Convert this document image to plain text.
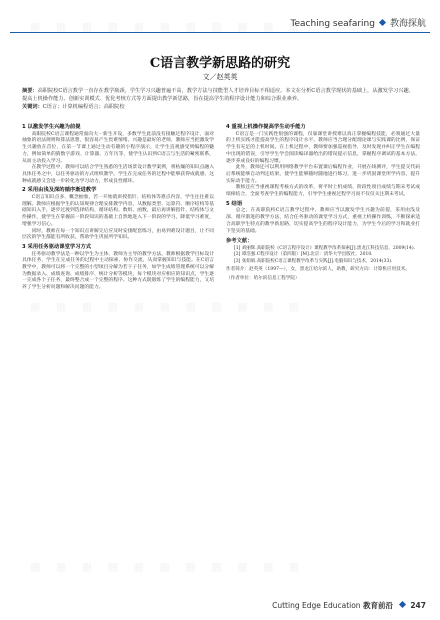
▦ ▦ ▦ ▦ ▦ ▦ ▦ ▦ ▦ ▦ ▦
▦ ▦ ▦ ▦ ▦ ▦ ▦ ▦ ▦ ▦ ▦
▦ ▦ ▦ ▦ ▦ ▦ ▦ ▦ ▦ ▦ ▦
Teaching seafaring 教海探航
C语言教学新思路的研究
文／赵英英
摘要：高职院校C语言教学一直存在教学瓶颈，学生学习兴趣普遍不高，教学方法与技能型人才培养目标不相适应。本文在分析C语言教学现状的基础上，从激发学习兴趣、提高上机操作能力、创新实训模式、优化考核方式等方面提出教学新思路，旨在提高学生的程序设计能力和综合职业素养。
关键词：C语言；计算机编程语言；高职院校
1 以激发学生兴趣为前提

高职院校C语言课程通常面向大一新生开设，多数学生此前没有接触过程序设计，面对抽象的语法规则和算法思想，很容易产生畏难情绪。兴趣是最好的老师，教师应当把激发学生兴趣放在首位，在第一节课上通过生动有趣的小程序演示，让学生直观感受到编程的魅力，例如简单的猜数字游戏、计算器、万年历等，使学生认识到C语言与生活的紧密联系，从而主动投入学习。

在教学过程中，教师可以结合学生熟悉的生活场景设计教学案例，将枯燥的知识点融入具体任务之中，以任务驱动的方式组织教学。学生在完成任务的过程中能够获得成就感，这种成就感又会进一步转化为学习动力，形成良性循环。

2 采用由浅及深的循序渐进教学

C语言知识点多、概念抽象，若一开始就讲授指针、结构体等难点内容，学生往往难以理解。教师应根据学生的认知规律合理安排教学内容，从数据类型、运算符、顺序结构等基础知识入手，逐步过渡到选择结构、循环结构、数组、函数，最后再讲解指针、结构体与文件操作，使学生在掌握前一阶段知识的基础上自然地进入下一阶段的学习，降低学习难度，增强学习信心。

同时，教师在每一个知识点讲解完后应及时安排配套练习，由易到难设计题目，让不同层次的学生都能有所收获，帮助学生巩固所学知识。

3 采用任务驱动课堂学习方式

任务驱动教学法是一种以学生为主体、教师为主导的教学方法。教师根据教学目标设计具体任务，学生在完成任务的过程中主动探索、协作交流，从而掌握知识与技能。在C语言教学中，教师可以将一个完整的小型项目分解为若干子任务，如学生成绩管理系统可以分解为数据录入、成绩查询、成绩排序、统计分析等模块，每个模块对应相应的知识点，学生逐一完成各个子任务，最终整合成一个完整的程序。这种方式既锻炼了学生的编程能力，又培养了学生分析问题和解决问题的能力。

4 重视上机操作提高学生动手能力

C语言是一门实践性很强的课程，仅靠课堂讲授难以真正掌握编程技能，必须通过大量的上机实践才能提高学生的程序设计水平。教师应当合理分配理论课与实践课的比例，保证学生有充足的上机时间。在上机过程中，教师要加强巡视指导，及时发现并纠正学生在编程中出现的错误，引导学生学会阅读编译器给出的错误提示信息，掌握程序调试的基本方法，逐步养成良好的编程习惯。

此外，教师还可以利用网络教学平台布置课后编程作业，开展在线测评，学生提交代码后系统能够自动判定结果，使学生能够随时随地进行练习，进一步巩固课堂所学内容，提升实际动手能力。

教师还应当重视课程考核方式的改革，将平时上机成绩、阶段性项目成绩与期末考试成绩相结合，全面考查学生的编程能力，引导学生重视过程学习而不仅仅关注期末考试。

5 结语

总之，在高职院校C语言教学过程中，教师应当以激发学生兴趣为前提，采用由浅及深、循序渐进的教学方法，结合任务驱动的课堂学习方式，重视上机操作训练，不断探索适合高职学生特点的教学新思路，切实提高学生的程序设计能力，为学生今后的学习和就业打下坚实的基础。

参考文献：

[1] 刘丽辉.高职院校《C语言程序设计》课程教学改革探索[J].黑龙江科技信息，2009(14).

[2] 谭浩强.C程序设计（第四版）[M].北京：清华大学出版社，2010.

[3] 张娟娟.高职院校C语言课程教学改革与实践[J].电脑知识与技术，2014(33).

作者简介：赵英英（1997—），女，黑龙江哈尔滨人，助教，研究方向：计算机应用技术。

（作者单位：哈尔滨信息工程学院）

Cutting Edge Education 教育前沿 247
